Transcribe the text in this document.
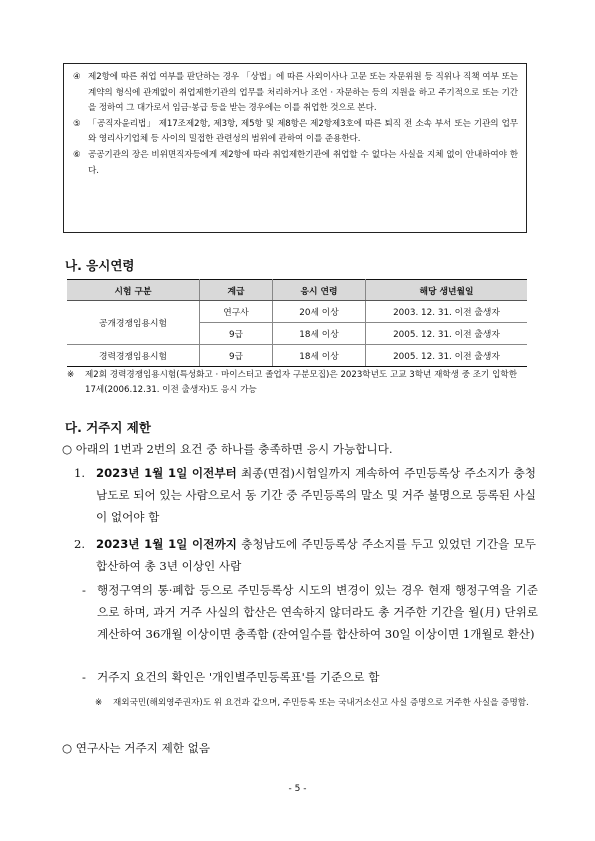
④ 제2항에 따른 취업 여부를 판단하는 경우 「상법」에 따른 사외이사나 고문 또는 자문위원 등 직위나 직책 여부 또는 계약의 형식에 관계없이 취업제한기관의 업무를 처리하거나 조언 · 자문하는 등의 지원을 하고 주기적으로 또는 기간을 정하여 그 대가로서 임금·봉급 등을 받는 경우에는 이를 취업한 것으로 본다.
⑤ 「공직자윤리법」 제17조제2항, 제3항, 제5항 및 제8항은 제2항제3호에 따른 퇴직 전 소속 부서 또는 기관의 업무와 영리사기업체 등 사이의 밀접한 관련성의 범위에 관하여 이를 준용한다.
⑥ 공공기관의 장은 비위면직자등에게 제2항에 따라 취업제한기관에 취업할 수 없다는 사실을 지체 없이 안내하여야 한다.
나. 응시연령
시험 구분	계급	응시 연령	해당 생년월일
공개경쟁임용시험	연구사	20세 이상	2003. 12. 31. 이전 출생자
	9급	18세 이상	2005. 12. 31. 이전 출생자
경력경쟁임용시험	9급	18세 이상	2005. 12. 31. 이전 출생자
※	제2회 경력경쟁임용시험(특성화고 · 마이스터고 졸업자 구분모집)은 2023학년도 고교 3학년 재학생 중 조기 입학한 17세(2006.12.31. 이전 출생자)도 응시 가능
다. 거주지 제한
○ 아래의 1번과 2번의 요건 중 하나를 충족하면 응시 가능합니다.
1. 2023년 1월 1일 이전부터 최종(면접)시험일까지 계속하여 주민등록상 주소지가 충청남도로 되어 있는 사람으로서 동 기간 중 주민등록의 말소 및 거주 불명으로 등록된 사실이 없어야 함
2. 2023년 1월 1일 이전까지 충청남도에 주민등록상 주소지를 두고 있었던 기간을 모두 합산하여 총 3년 이상인 사람
- 행정구역의 통·폐합 등으로 주민등록상 시도의 변경이 있는 경우 현재 행정구역을 기준으로 하며, 과거 거주 사실의 합산은 연속하지 않더라도 총 거주한 기간을 월(月) 단위로 계산하여 36개월 이상이면 충족함 (잔여일수를 합산하여 30일 이상이면 1개월로 환산)
- 거주지 요건의 확인은 '개인별주민등록표'를 기준으로 함
※	재외국민(해외영주권자)도 위 요건과 같으며, 주민등록 또는 국내거소신고 사실 증명으로 거주한 사실을 증명함.
○ 연구사는 거주지 제한 없음
- 5 -
